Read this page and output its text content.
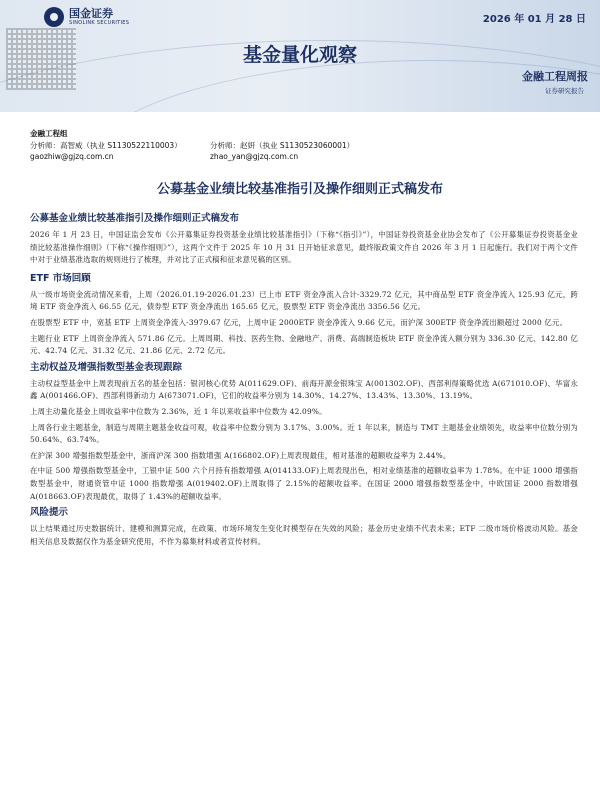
国金证券
SINOLINK SECURITIES	2026 年 01 月 28 日
基金量化观察
金融工程周报
证券研究报告
金融工程组
分析师：高智威（执业 S1130522110003）	分析师：赵妍（执业 S1130523060001）
gaozhiw@gjzq.com.cn	zhao_yan@gjzq.com.cn
公募基金业绩比较基准指引及操作细则正式稿发布
公募基金业绩比较基准指引及操作细则正式稿发布

2026 年 1 月 23 日，中国证监会发布《公开募集证券投资基金业绩比较基准指引》（下称“《指引》”），中国证券投资基金业协会发布了《公开募集证券投资基金业绩比较基准操作细则》（下称“《操作细则》”），这两个文件于 2025 年 10 月 31 日开始征求意见，最终版政策文件自 2026 年 3 月 1 日起施行。我们对于两个文件中对于业绩基准选取的规则进行了梳理，并对比了正式稿和征求意见稿的区别。

ETF 市场回顾

从一级市场资金流动情况来看，上周（2026.01.19-2026.01.23）已上市 ETF 资金净流入合计-3329.72 亿元，其中商品型 ETF 资金净流入 125.93 亿元，跨境 ETF 资金净流入 66.55 亿元，债券型 ETF 资金净流出 165.65 亿元，股票型 ETF 资金净流出 3356.56 亿元。

在股票型 ETF 中，宽基 ETF 上周资金净流入-3979.67 亿元，上周中证 2000ETF 资金净流入 9.66 亿元，而沪深 300ETF 资金净流出额超过 2000 亿元。

主题行业 ETF 上周资金净流入 571.86 亿元。上周周期、科技、医药生物、金融地产、消费、高端制造板块 ETF 资金净流入额分别为 336.30 亿元、142.80 亿元、42.74 亿元、31.32 亿元、21.86 亿元、2.72 亿元。

主动权益及增强指数型基金表现跟踪

主动权益型基金中上周表现前五名的基金包括：银河核心优势 A(011629.OF)、前海开源金银珠宝 A(001302.OF)、西部利得策略优选 A(671010.OF)、华富永鑫 A(001466.OF)、西部利得新动力 A(673071.OF)，它们的收益率分别为 14.30%、14.27%、13.43%、13.30%、13.19%。

上周主动量化基金上周收益率中位数为 2.36%，近 1 年以来收益率中位数为 42.09%。

上周各行业主题基金，制造与周期主题基金收益可观，收益率中位数分别为 3.17%、3.00%。近 1 年以来，制造与 TMT 主题基金业绩领先，收益率中位数分别为 50.64%、63.74%。

在沪深 300 增强指数型基金中，浙商沪深 300 指数增强 A(166802.OF)上周表现最佳，相对基准的超额收益率为 2.44%。

在中证 500 增强指数型基金中，工银中证 500 六个月持有指数增强 A(014133.OF)上周表现出色，相对业绩基准的超额收益率为 1.78%。在中证 1000 增强指数型基金中，财通资管中证 1000 指数增强 A(019402.OF)上周取得了 2.15%的超额收益率。在国证 2000 增强指数型基金中，中欧国证 2000 指数增强 A(018663.OF)表现最优，取得了 1.43%的超额收益率。

风险提示

以上结果通过历史数据统计、建模和测算完成，在政策、市场环境发生变化时模型存在失效的风险；基金历史业绩不代表未来；ETF 二级市场价格波动风险。基金相关信息及数据仅作为基金研究使用，不作为募集材料或者宣传材料。
